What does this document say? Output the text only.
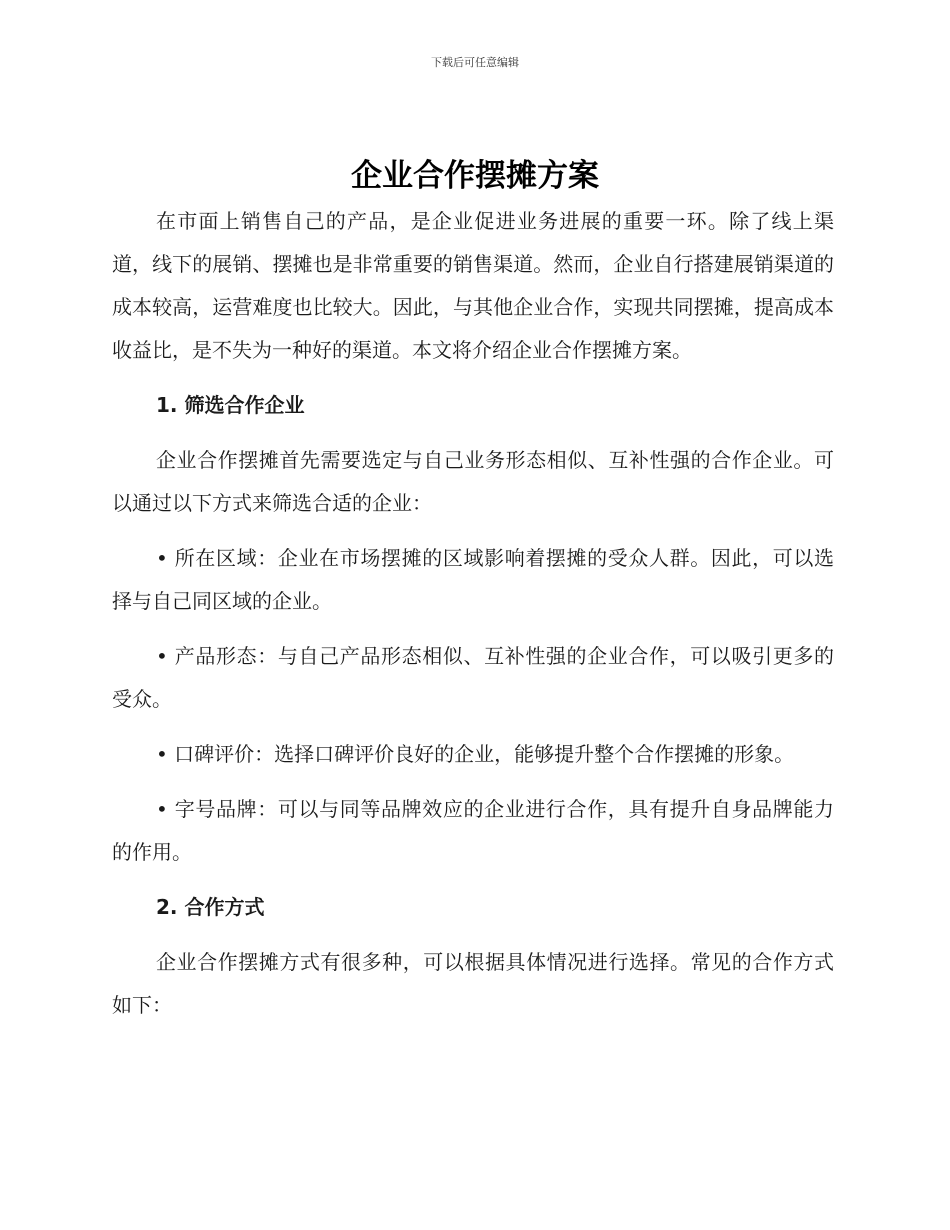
下载后可任意编辑
企业合作摆摊方案

在市面上销售自己的产品，是企业促进业务进展的重要一环。除了线上渠道，线下的展销、摆摊也是非常重要的销售渠道。然而，企业自行搭建展销渠道的成本较高，运营难度也比较大。因此，与其他企业合作，实现共同摆摊，提高成本收益比，是不失为一种好的渠道。本文将介绍企业合作摆摊方案。

1. 筛选合作企业

企业合作摆摊首先需要选定与自己业务形态相似、互补性强的合作企业。可以通过以下方式来筛选合适的企业：

• 所在区域：企业在市场摆摊的区域影响着摆摊的受众人群。因此，可以选择与自己同区域的企业。

• 产品形态：与自己产品形态相似、互补性强的企业合作，可以吸引更多的受众。

• 口碑评价：选择口碑评价良好的企业，能够提升整个合作摆摊的形象。

• 字号品牌：可以与同等品牌效应的企业进行合作，具有提升自身品牌能力的作用。

2. 合作方式

企业合作摆摊方式有很多种，可以根据具体情况进行选择。常见的合作方式如下：
